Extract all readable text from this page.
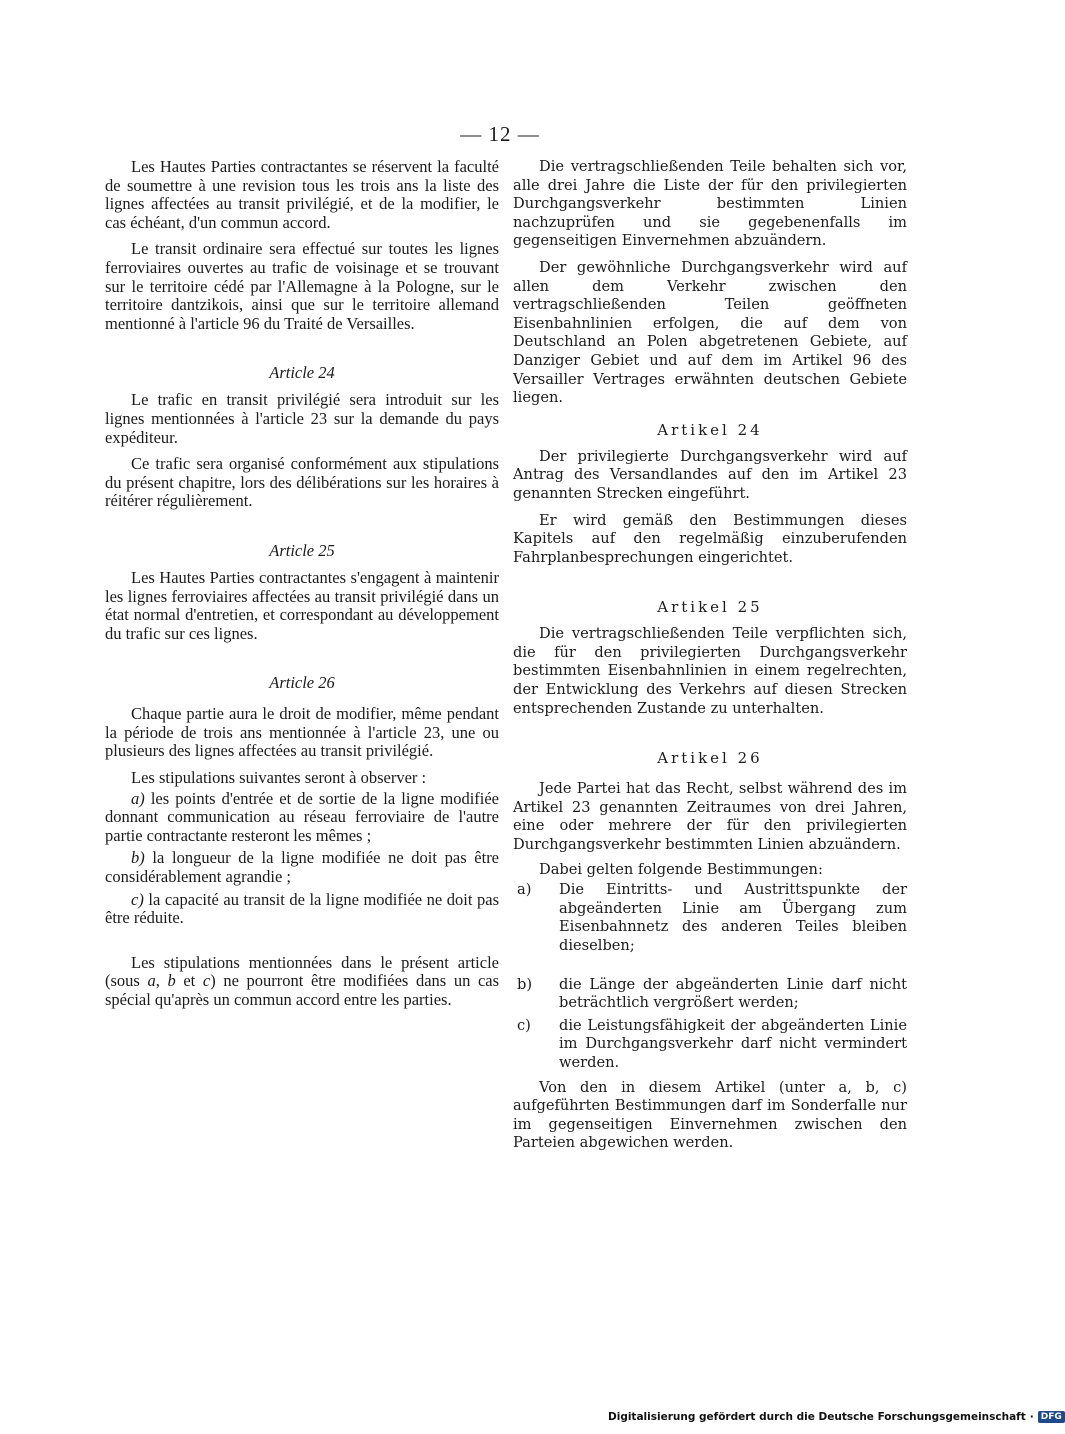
— 12 —

Les Hautes Parties contractantes se réservent la faculté de soumettre à une revision tous les trois ans la liste des lignes affectées au transit privilégié, et de la modifier, le cas échéant, d'un commun accord.

Le transit ordinaire sera effectué sur toutes les lignes ferroviaires ouvertes au trafic de voisinage et se trouvant sur le territoire cédé par l'Allemagne à la Pologne, sur le territoire dantzikois, ainsi que sur le territoire allemand mentionné à l'article 96 du Traité de Versailles.

Article 24

Le trafic en transit privilégié sera introduit sur les lignes mentionnées à l'article 23 sur la demande du pays expéditeur.

Ce trafic sera organisé conformément aux stipulations du présent chapitre, lors des délibérations sur les horaires à réitérer régulièrement.

Article 25

Les Hautes Parties contractantes s'engagent à maintenir les lignes ferroviaires affectées au transit privilégié dans un état normal d'entretien, et correspondant au développement du trafic sur ces lignes.

Article 26

Chaque partie aura le droit de modifier, même pendant la période de trois ans mentionnée à l'article 23, une ou plusieurs des lignes affectées au transit privilégié.

Les stipulations suivantes seront à observer :

a) les points d'entrée et de sortie de la ligne modifiée donnant communication au réseau ferroviaire de l'autre partie contractante resteront les mêmes ;

b) la longueur de la ligne modifiée ne doit pas être considérablement agrandie ;

c) la capacité au transit de la ligne modifiée ne doit pas être réduite.

Les stipulations mentionnées dans le présent article (sous a, b et c) ne pourront être modifiées dans un cas spécial qu'après un commun accord entre les parties.

Die vertragschließenden Teile behalten sich vor, alle drei Jahre die Liste der für den privilegierten Durchgangsverkehr bestimmten Linien nachzuprüfen und sie gegebenenfalls im gegenseitigen Einvernehmen abzuändern.

Der gewöhnliche Durchgangsverkehr wird auf allen dem Verkehr zwischen den vertragschließenden Teilen geöffneten Eisenbahnlinien erfolgen, die auf dem von Deutschland an Polen abgetretenen Gebiete, auf Danziger Gebiet und auf dem im Artikel 96 des Versailler Vertrages erwähnten deutschen Gebiete liegen.

Artikel 24

Der privilegierte Durchgangsverkehr wird auf Antrag des Versandlandes auf den im Artikel 23 genannten Strecken eingeführt.

Er wird gemäß den Bestimmungen dieses Kapitels auf den regelmäßig einzuberufenden Fahrplanbesprechungen eingerichtet.

Artikel 25

Die vertragschließenden Teile verpflichten sich, die für den privilegierten Durchgangsverkehr bestimmten Eisenbahnlinien in einem regelrechten, der Entwicklung des Verkehrs auf diesen Strecken entsprechenden Zustande zu unterhalten.

Artikel 26

Jede Partei hat das Recht, selbst während des im Artikel 23 genannten Zeitraumes von drei Jahren, eine oder mehrere der für den privilegierten Durchgangsverkehr bestimmten Linien abzuändern.

Dabei gelten folgende Bestimmungen:

a)	Die Eintritts- und Austrittspunkte der abgeänderten Linie am Übergang zum Eisenbahnnetz des anderen Teiles bleiben dieselben;
b)	die Länge der abgeänderten Linie darf nicht beträchtlich vergrößert werden;
c)	die Leistungsfähigkeit der abgeänderten Linie im Durchgangsverkehr darf nicht vermindert werden.

Von den in diesem Artikel (unter a, b, c) aufgeführten Bestimmungen darf im Sonderfalle nur im gegenseitigen Einvernehmen zwischen den Parteien abgewichen werden.

Digitalisierung gefördert durch die Deutsche Forschungsgemeinschaft · DFG
